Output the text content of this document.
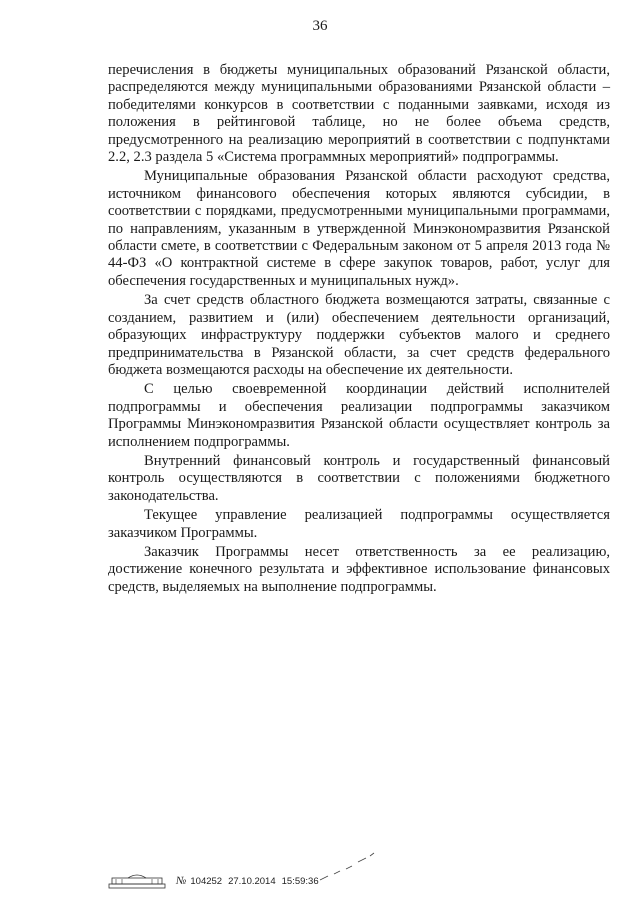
36

перечисления в бюджеты муниципальных образований Рязанской области, распределяются между муниципальными образованиями Рязанской области – победителями конкурсов в соответствии с поданными заявками, исходя из положения в рейтинговой таблице, но не более объема средств, предусмотренного на реализацию мероприятий в соответствии с подпунктами 2.2, 2.3 раздела 5 «Система программных мероприятий» подпрограммы.

Муниципальные образования Рязанской области расходуют средства, источником финансового обеспечения которых являются субсидии, в соответствии с порядками, предусмотренными муниципальными программами, по направлениям, указанным в утвержденной Минэкономразвития Рязанской области смете, в соответствии с Федеральным законом от 5 апреля 2013 года № 44-ФЗ «О контрактной системе в сфере закупок товаров, работ, услуг для обеспечения государственных и муниципальных нужд».

За счет средств областного бюджета возмещаются затраты, связанные с созданием, развитием и (или) обеспечением деятельности организаций, образующих инфраструктуру поддержки субъектов малого и среднего предпринимательства в Рязанской области, за счет средств федерального бюджета возмещаются расходы на обеспечение их деятельности.

С целью своевременной координации действий исполнителей подпрограммы и обеспечения реализации подпрограммы заказчиком Программы Минэкономразвития Рязанской области осуществляет контроль за исполнением подпрограммы.

Внутренний финансовый контроль и государственный финансовый контроль осуществляются в соответствии с положениями бюджетного законодательства.

Текущее управление реализацией подпрограммы осуществляется заказчиком Программы.

Заказчик Программы несет ответственность за ее реализацию, достижение конечного результата и эффективное использование финансовых средств, выделяемых на выполнение подпрограммы.

№ 104252 27.10.2014 15:59:36
